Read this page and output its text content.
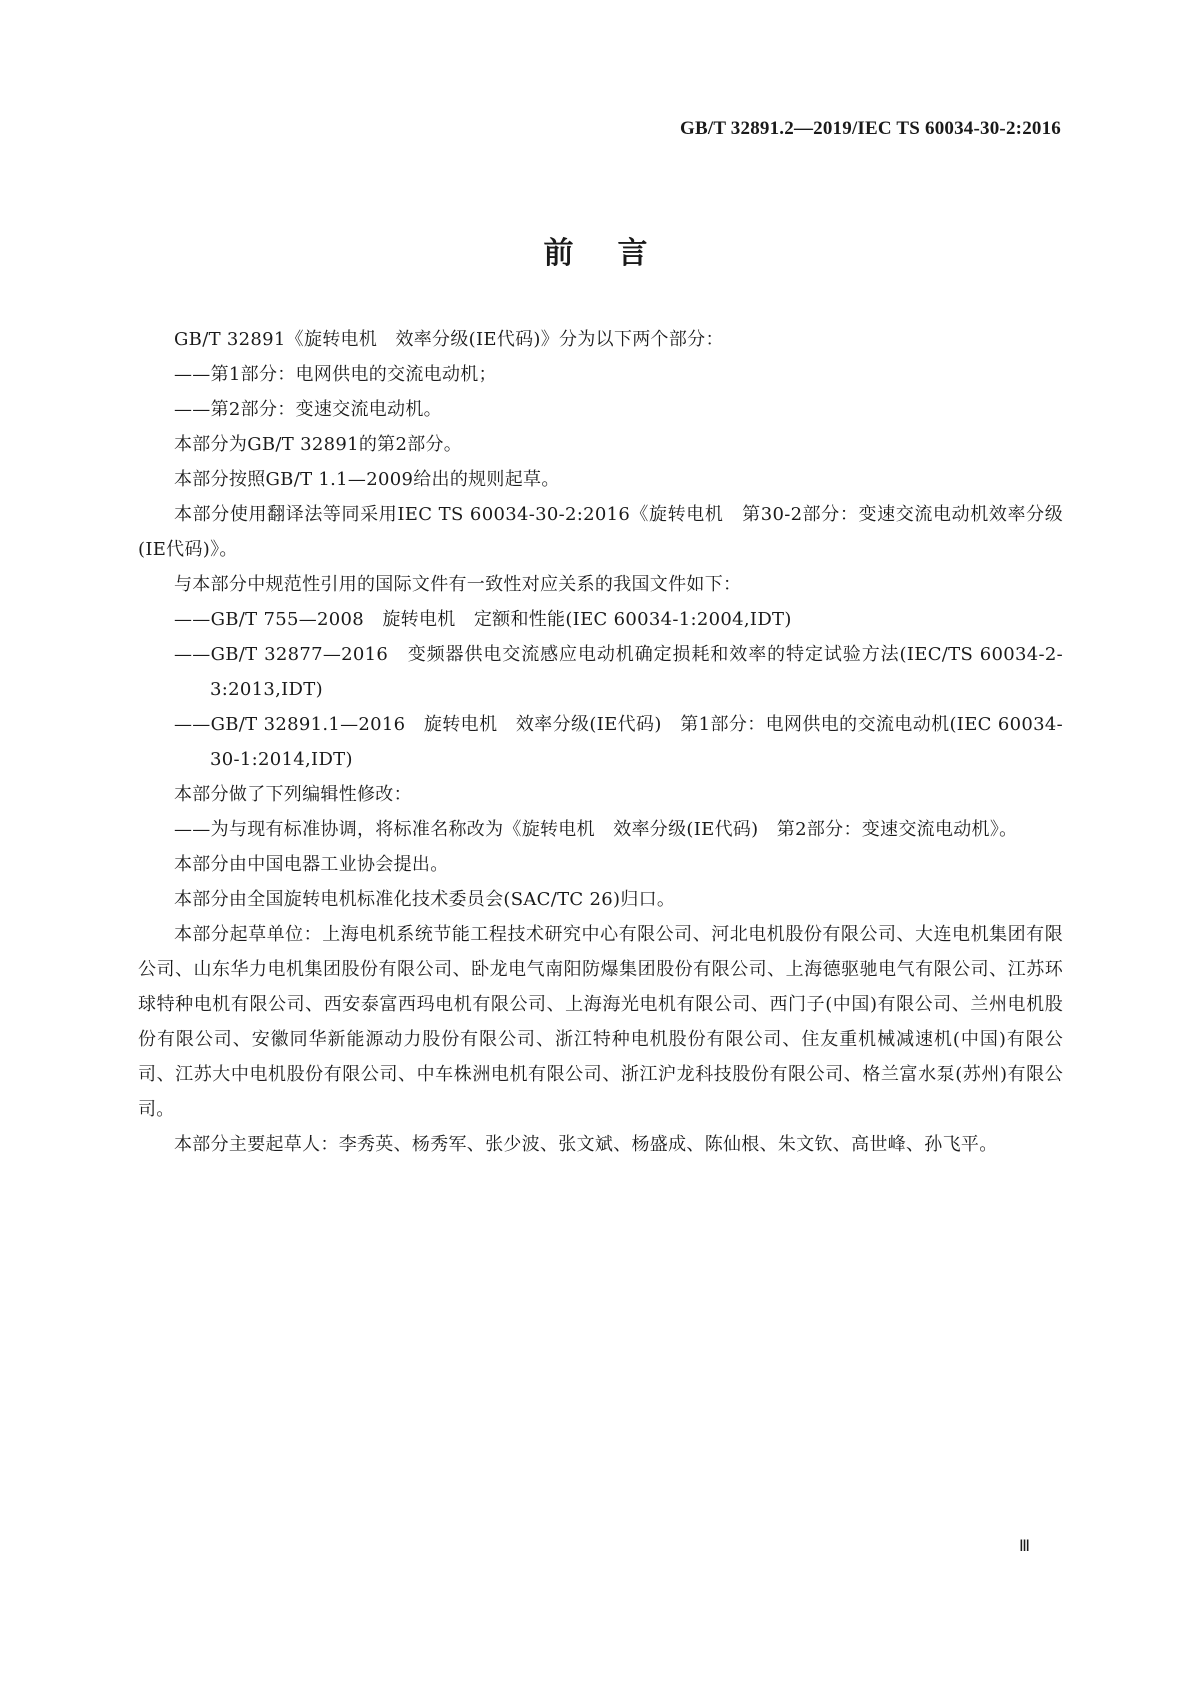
GB/T 32891.2—2019/IEC TS 60034-30-2:2016
前言

GB/T 32891《旋转电机　效率分级(IE代码)》分为以下两个部分：

——第1部分：电网供电的交流电动机；

——第2部分：变速交流电动机。

本部分为GB/T 32891的第2部分。

本部分按照GB/T 1.1—2009给出的规则起草。

本部分使用翻译法等同采用IEC TS 60034-30-2:2016《旋转电机　第30-2部分：变速交流电动机效率分级(IE代码)》。

与本部分中规范性引用的国际文件有一致性对应关系的我国文件如下：

——GB/T 755—2008　旋转电机　定额和性能(IEC 60034-1:2004,IDT)

——GB/T 32877—2016　变频器供电交流感应电动机确定损耗和效率的特定试验方法(IEC/TS 60034-2-3:2013,IDT)

——GB/T 32891.1—2016　旋转电机　效率分级(IE代码)　第1部分：电网供电的交流电动机(IEC 60034-30-1:2014,IDT)

本部分做了下列编辑性修改：

——为与现有标准协调，将标准名称改为《旋转电机　效率分级(IE代码)　第2部分：变速交流电动机》。

本部分由中国电器工业协会提出。

本部分由全国旋转电机标准化技术委员会(SAC/TC 26)归口。

本部分起草单位：上海电机系统节能工程技术研究中心有限公司、河北电机股份有限公司、大连电机集团有限公司、山东华力电机集团股份有限公司、卧龙电气南阳防爆集团股份有限公司、上海德驱驰电气有限公司、江苏环球特种电机有限公司、西安泰富西玛电机有限公司、上海海光电机有限公司、西门子(中国)有限公司、兰州电机股份有限公司、安徽同华新能源动力股份有限公司、浙江特种电机股份有限公司、住友重机械减速机(中国)有限公司、江苏大中电机股份有限公司、中车株洲电机有限公司、浙江沪龙科技股份有限公司、格兰富水泵(苏州)有限公司。

本部分主要起草人：李秀英、杨秀军、张少波、张文斌、杨盛成、陈仙根、朱文钦、高世峰、孙飞平。

Ⅲ
